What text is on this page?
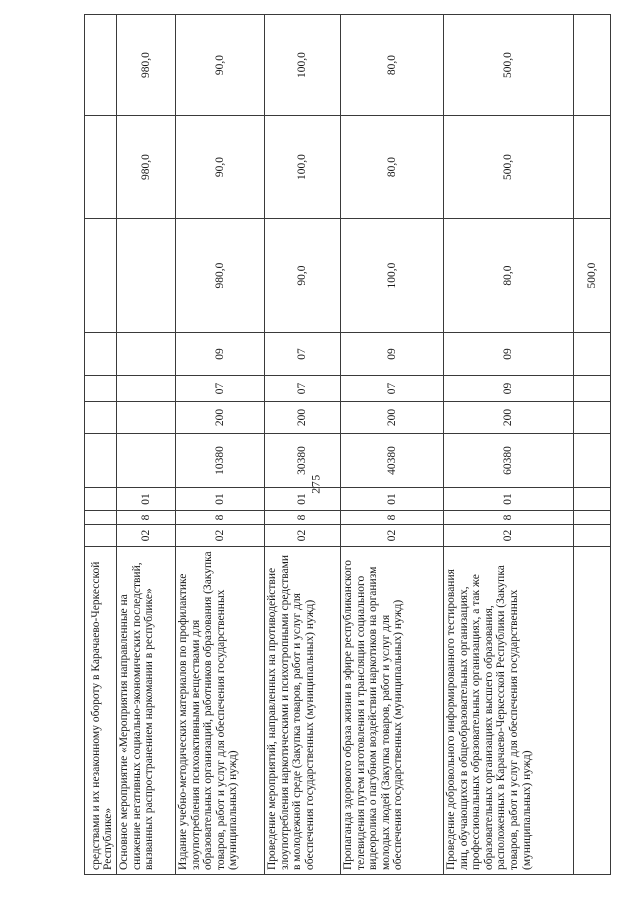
275
средствами и их незаконному обороту в Карачаево-Черкесской Республике»										
Основное мероприятие «Мероприятия направленные на снижение негативных социально-экономических последствий, вызванных распространением наркомании в республике»	02	8	01						980,0	980,0
Издание учебно-методических материалов по профилактике злоупотребления психоактивными веществами для образовательных организаций, работников образования (Закупка товаров, работ и услуг для обеспечения государственных (муниципальных) нужд)	02	8	01	10380	200	07	09	980,0	90,0	90,0
Проведение мероприятий, направленных на противодействие злоупотребления наркотическими и психотропными средствами в молодежной среде (Закупка товаров, работ и услуг для обеспечения государственных (муниципальных) нужд)	02	8	01	30380	200	07	07	90,0	100,0	100,0
Пропаганда здорового образа жизни в эфире республиканского телевидения путем изготовления и трансляции социального видеоролика о пагубном воздействии наркотиков на организм молодых людей (Закупка товаров, работ и услуг для обеспечения государственных (муниципальных) нужд)	02	8	01	40380	200	07	09	100,0	80,0	80,0
Проведение добровольного информированного тестирования лиц, обучающихся в общеобразовательных организациях, профессиональных образовательных организациях, а так же образовательных организациях высшего образования, расположенных в Карачаево-Черкесской Республики (Закупка товаров, работ и услуг для обеспечения государственных (муниципальных) нужд)	02	8	01	60380	200	09	09	80,0	500,0	500,0
								500,0		
